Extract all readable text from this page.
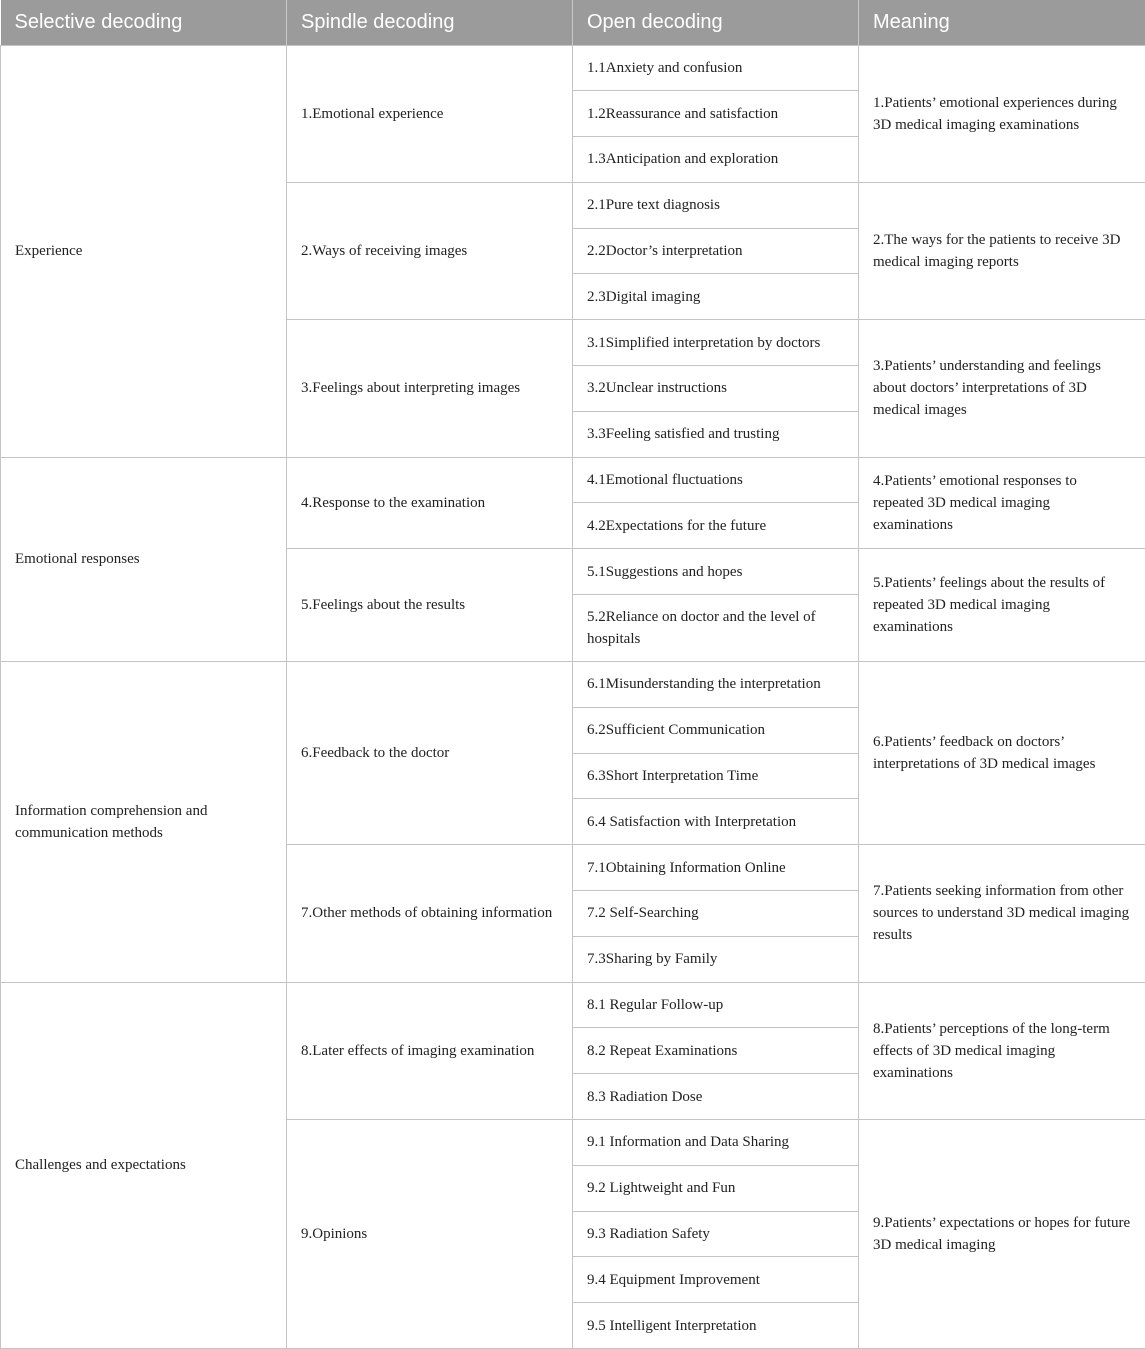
Selective decoding	Spindle decoding	Open decoding	Meaning
Experience	1.Emotional experience	1.1Anxiety and confusion	1.Patients’ emotional experiences during 3D medical imaging examinations
		1.2Reassurance and satisfaction	
		1.3Anticipation and exploration	
	2.Ways of receiving images	2.1Pure text diagnosis	2.The ways for the patients to receive 3D medical imaging reports
		2.2Doctor’s interpretation	
		2.3Digital imaging	
	3.Feelings about interpreting images	3.1Simplified interpretation by doctors	3.Patients’ understanding and feelings about doctors’ interpretations of 3D medical images
		3.2Unclear instructions	
		3.3Feeling satisfied and trusting	
Emotional responses	4.Response to the examination	4.1Emotional fluctuations	4.Patients’ emotional responses to repeated 3D medical imaging examinations
		4.2Expectations for the future	
	5.Feelings about the results	5.1Suggestions and hopes	5.Patients’ feelings about the results of repeated 3D medical imaging examinations
		5.2Reliance on doctor and the level of hospitals	
Information comprehension and communication methods	6.Feedback to the doctor	6.1Misunderstanding the interpretation	6.Patients’ feedback on doctors’ interpretations of 3D medical images
		6.2Sufficient Communication	
		6.3Short Interpretation Time	
		6.4 Satisfaction with Interpretation	
	7.Other methods of obtaining information	7.1Obtaining Information Online	7.Patients seeking information from other sources to understand 3D medical imaging results
		7.2 Self-Searching	
		7.3Sharing by Family	
Challenges and expectations	8.Later effects of imaging examination	8.1 Regular Follow-up	8.Patients’ perceptions of the long-term effects of 3D medical imaging examinations
		8.2 Repeat Examinations	
		8.3 Radiation Dose	
	9.Opinions	9.1 Information and Data Sharing	9.Patients’ expectations or hopes for future 3D medical imaging
		9.2 Lightweight and Fun	
		9.3 Radiation Safety	
		9.4 Equipment Improvement	
		9.5 Intelligent Interpretation	
